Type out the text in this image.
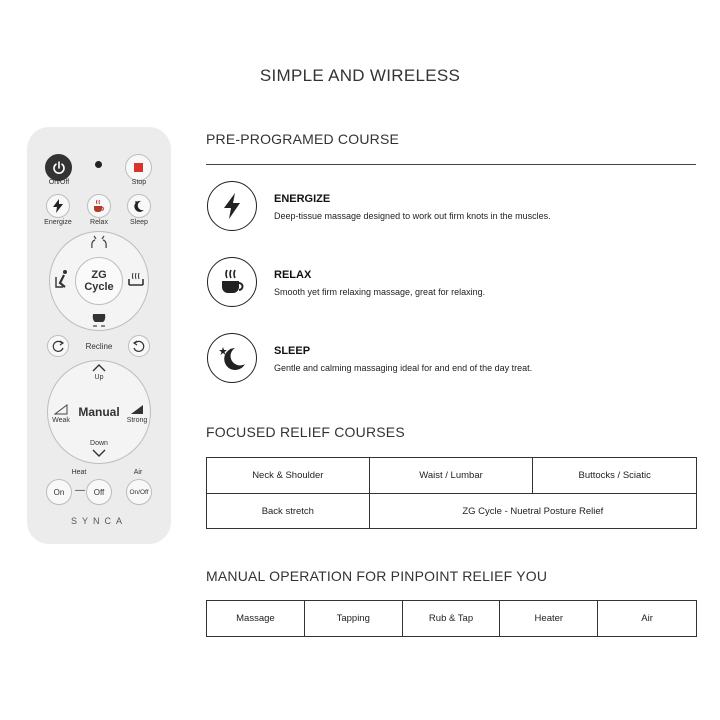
SIMPLE AND WIRELESS
On/Off	Stop
Energize	Relax	Sleep
ZG
Cycle
Recline
Up
Weak
Manual
Strong
Down
Heat	Air
On — Off	On/Off
SYNCA
PRE-PROGRAMED COURSE
ENERGIZE
Deep-tissue massage designed to work out firm knots in the muscles.
RELAX
Smooth yet firm relaxing massage, great for relaxing.
SLEEP
Gentle and calming massaging ideal for and end of the day treat.
FOCUSED RELIEF COURSES
Neck & Shoulder	Waist / Lumbar	Buttocks / Sciatic
Back stretch	ZG Cycle - Nuetral Posture Relief	
MANUAL OPERATION FOR PINPOINT RELIEF YOU
Massage	Tapping	Rub & Tap	Heater	Air
